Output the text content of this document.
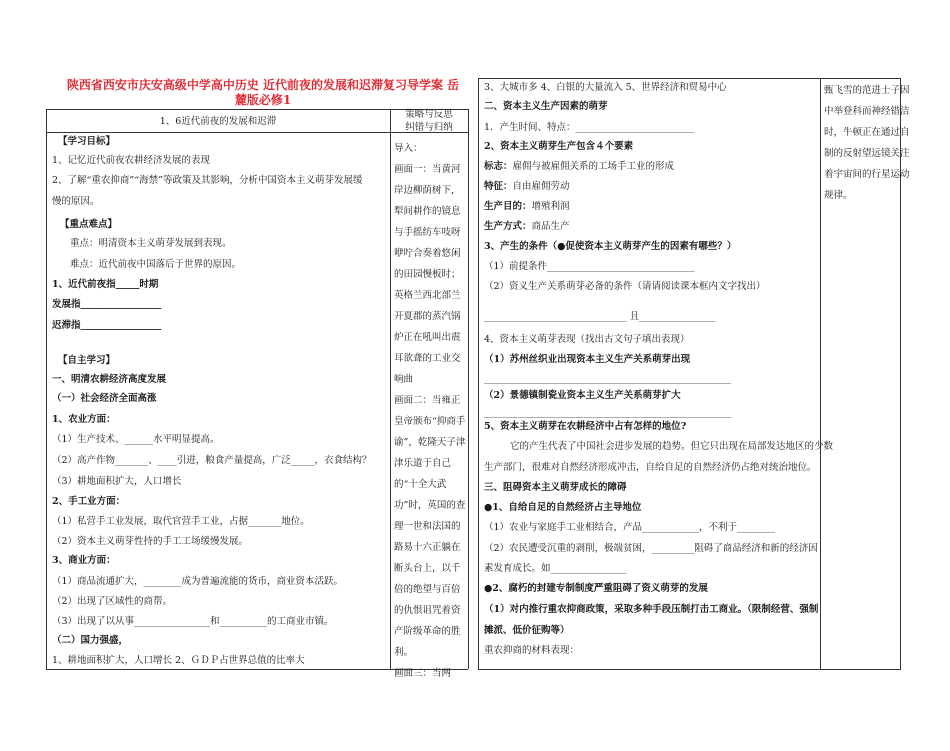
陕西省西安市庆安高级中学高中历史 近代前夜的发展和迟滞复习导学案 岳麓版必修1
1、6近代前夜的发展和迟滞
策略与反思
纠错与归纳
【学习目标】
1、记忆近代前夜农耕经济发展的表现
2、了解“重农抑商”“海禁”等政策及其影响，分析中国资本主义萌芽发展缓
慢的原因。
【重点难点】
重点：明清资本主义萌芽发展到表现。
难点：近代前夜中国落后于世界的原因。
1、近代前夜指_____时期
发展指_________________
迟滞指_________________
【自主学习】
一、明清农耕经济高度发展
（一）社会经济全面高涨
1、农业方面：
（1）生产技术、______水平明显提高。
（2）高产作物_______、____引进，粮食产量提高，广泛_____，衣食结构？
（3）耕地面积扩大，人口增长
2、手工业方面：
（1）私营手工业发展，取代官营手工业，占据_______地位。
（2）资本主义萌芽性持的手工工场缓慢发展。
3、商业方面：
（1）商品流通扩大，________成为普遍流能的货币，商业资本活跃。
（2）出现了区域性的商帮。
（3）出现了以从事________________和__________的工商业市镇。
（二）国力强盛，
1、耕地面积扩大，人口增长 2、ＧＤＰ占世界总值的比率大
导入：
画面一：当黄河岸边柳荫树下，犁间耕作的镜息与手摇纺车吱呀咿咛合奏着悠闲的田园慢板时；英格兰西北部兰开夏郡的蒸汽锅炉正在吼叫出震耳欲聋的工业交响曲
画面二：当雍正皇帝颁布“抑商手谕”，乾隆天子津津乐道于自己的“十全大武功”时，英国的查理一世和法国的路易十六正躺在断头台上，以千倍的绝望与百倍的仇恨诅咒着资产阶级革命的胜利。
画面三：当两
3、大城市多 4、白银的大量流入 5、世界经济和贸易中心
二、资本主义生产因素的萌芽
1．产生时间、特点：_________________________
2、资本主义萌芽生产包含４个要素
标志：雇佣与被雇佣关系的工场手工业的形成
特征：自由雇佣劳动
生产目的：增殖利润
生产方式：商品生产
3、产生的条件（●促使资本主义萌芽产生的因素有哪些？）
（1）前提条件_______________________________
（2）资义生产关系萌芽必备的条件（请请阅读课本框内文字找出）
______________________________ 且________________
4、资本主义萌芽表现（找出古文句子填出表现）
（1）苏州丝织业出现资本主义生产关系萌芽出现
____________________________________________________
（2）景德镇制瓷业资本主义生产关系萌芽扩大
____________________________________________________
5、资本主义萌芽在农耕经济中占有怎样的地位?
它的产生代表了中国社会进步发展的趋势。但它只出现在局部发达地区的少数
生产部门，很难对自然经济形成冲击，自给自足的自然经济仍占绝对统治地位。
三、阻碍资本主义萌芽成长的障碍
●1、自给自足的自然经济占主导地位
（1）农业与家庭手工业相结合，产品____________，不利于________
（2）农民遭受沉重的剥削，极端贫困，_________阻碍了商品经济和新的经济因
素发育成长。如________________
●2、腐朽的封建专制制度严重阻碍了资义萌芽的发展
（1）对内推行重农抑商政策，采取多种手段压制打击工商业。（限制经营、强制
摊派、低价征购等）
重农抑商的材料表现：
甄飞雪的范进士子因中举登科而神经错洁时，牛顿正在通过自制的反射望远镜关注着宇宙间的行星运动规律。
